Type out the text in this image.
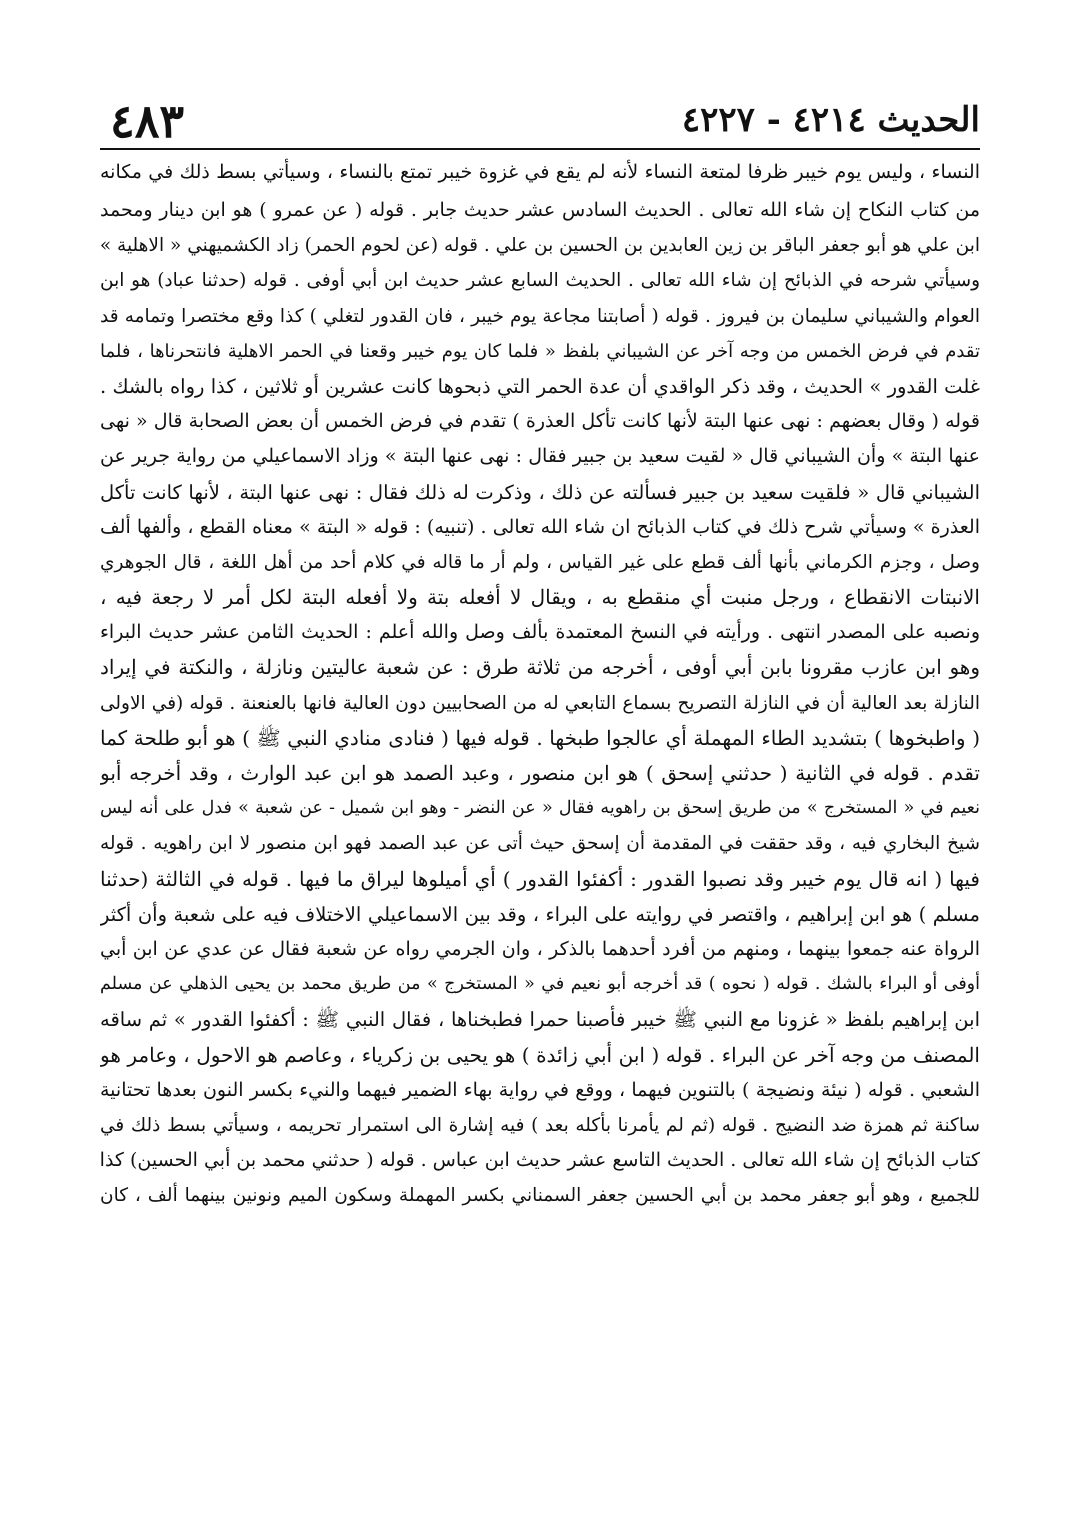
الحديث ٤٢١٤ - ٤٢٢٧
٤٨٣
النساء ، وليس يوم خيبر ظرفا لمتعة النساء لأنه لم يقع في غزوة خيبر تمتع بالنساء ، وسيأتي بسط ذلك في مكانه
من كتاب النكاح إن شاء الله تعالى . الحديث السادس عشر حديث جابر . قوله ( عن عمرو ) هو ابن دينار ومحمد
ابن علي هو أبو جعفر الباقر بن زين العابدين بن الحسين بن علي . قوله (عن لحوم الحمر) زاد الكشميهني « الاهلية »
وسيأتي شرحه في الذبائح إن شاء الله تعالى . الحديث السابع عشر حديث ابن أبي أوفى . قوله (حدثنا عباد) هو ابن
العوام والشيباني سليمان بن فيروز . قوله ( أصابتنا مجاعة يوم خيبر ، فان القدور لتغلي ) كذا وقع مختصرا وتمامه قد
تقدم في فرض الخمس من وجه آخر عن الشيباني بلفظ « فلما كان يوم خيبر وقعنا في الحمر الاهلية فانتحرناها ، فلما
غلت القدور » الحديث ، وقد ذكر الواقدي أن عدة الحمر التي ذبحوها كانت عشرين أو ثلاثين ، كذا رواه بالشك .
قوله ( وقال بعضهم : نهى عنها البتة لأنها كانت تأكل العذرة ) تقدم في فرض الخمس أن بعض الصحابة قال « نهى
عنها البتة » وأن الشيباني قال « لقيت سعيد بن جبير فقال : نهى عنها البتة » وزاد الاسماعيلي من رواية جرير عن
الشيباني قال « فلقيت سعيد بن جبير فسألته عن ذلك ، وذكرت له ذلك فقال : نهى عنها البتة ، لأنها كانت تأكل
العذرة » وسيأتي شرح ذلك في كتاب الذبائح ان شاء الله تعالى . (تنبيه) : قوله « البتة » معناه القطع ، وألفها ألف
وصل ، وجزم الكرماني بأنها ألف قطع على غير القياس ، ولم أر ما قاله في كلام أحد من أهل اللغة ، قال الجوهري
الانبتات الانقطاع ، ورجل منبت أي منقطع به ، ويقال لا أفعله بتة ولا أفعله البتة لكل أمر لا رجعة فيه ،
ونصبه على المصدر انتهى . ورأيته في النسخ المعتمدة بألف وصل والله أعلم : الحديث الثامن عشر حديث البراء
وهو ابن عازب مقرونا بابن أبي أوفى ، أخرجه من ثلاثة طرق : عن شعبة عاليتين ونازلة ، والنكتة في إيراد
النازلة بعد العالية أن في النازلة التصريح بسماع التابعي له من الصحابيين دون العالية فانها بالعنعنة . قوله (في الاولى
( واطبخوها ) بتشديد الطاء المهملة أي عالجوا طبخها . قوله فيها ( فنادى منادي النبي ﷺ ) هو أبو طلحة كما
تقدم . قوله في الثانية ( حدثني إسحق ) هو ابن منصور ، وعبد الصمد هو ابن عبد الوارث ، وقد أخرجه أبو
نعيم في « المستخرج » من طريق إسحق بن راهويه فقال « عن النضر - وهو ابن شميل - عن شعبة » فدل على أنه ليس
شيخ البخاري فيه ، وقد حققت في المقدمة أن إسحق حيث أتى عن عبد الصمد فهو ابن منصور لا ابن راهويه . قوله
فيها ( انه قال يوم خيبر وقد نصبوا القدور : أكفئوا القدور ) أي أميلوها ليراق ما فيها . قوله في الثالثة (حدثنا
مسلم ) هو ابن إبراهيم ، واقتصر في روايته على البراء ، وقد بين الاسماعيلي الاختلاف فيه على شعبة وأن أكثر
الرواة عنه جمعوا بينهما ، ومنهم من أفرد أحدهما بالذكر ، وان الجرمي رواه عن شعبة فقال عن عدي عن ابن أبي
أوفى أو البراء بالشك . قوله ( نحوه ) قد أخرجه أبو نعيم في « المستخرج » من طريق محمد بن يحيى الذهلي عن مسلم
ابن إبراهيم بلفظ « غزونا مع النبي ﷺ خيبر فأصبنا حمرا فطبخناها ، فقال النبي ﷺ : أكفئوا القدور » ثم ساقه
المصنف من وجه آخر عن البراء . قوله ( ابن أبي زائدة ) هو يحيى بن زكرياء ، وعاصم هو الاحول ، وعامر هو
الشعبي . قوله ( نيئة ونضيجة ) بالتنوين فيهما ، ووقع في رواية بهاء الضمير فيهما والنيء بكسر النون بعدها تحتانية
ساكنة ثم همزة ضد النضيج . قوله (ثم لم يأمرنا بأكله بعد ) فيه إشارة الى استمرار تحريمه ، وسيأتي بسط ذلك في
كتاب الذبائح إن شاء الله تعالى . الحديث التاسع عشر حديث ابن عباس . قوله ( حدثني محمد بن أبي الحسين) كذا
للجميع ، وهو أبو جعفر محمد بن أبي الحسين جعفر السمناني بكسر المهملة وسكون الميم ونونين بينهما ألف ، كان
